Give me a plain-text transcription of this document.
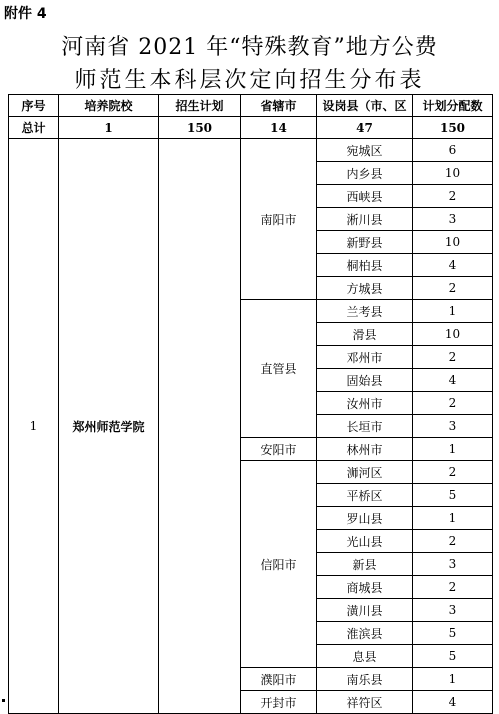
附件 4
河南省 2021 年“特殊教育”地方公费
师范生本科层次定向招生分布表
序号	培养院校	招生计划	省辖市	设岗县（市、区	计划分配数
总计	1	150	14	47	150
1	郑州师范学院		南阳市	宛城区	6
				内乡县	10
				西峡县	2
				淅川县	3
				新野县	10
				桐柏县	4
				方城县	2
			直管县	兰考县	1
				滑县	10
				邓州市	2
				固始县	4
				汝州市	2
				长垣市	3
			安阳市	林州市	1
			信阳市	浉河区	2
				平桥区	5
				罗山县	1
				光山县	2
				新县	3
				商城县	2
				潢川县	3
				淮滨县	5
				息县	5
			濮阳市	南乐县	1
			开封市	祥符区	4
